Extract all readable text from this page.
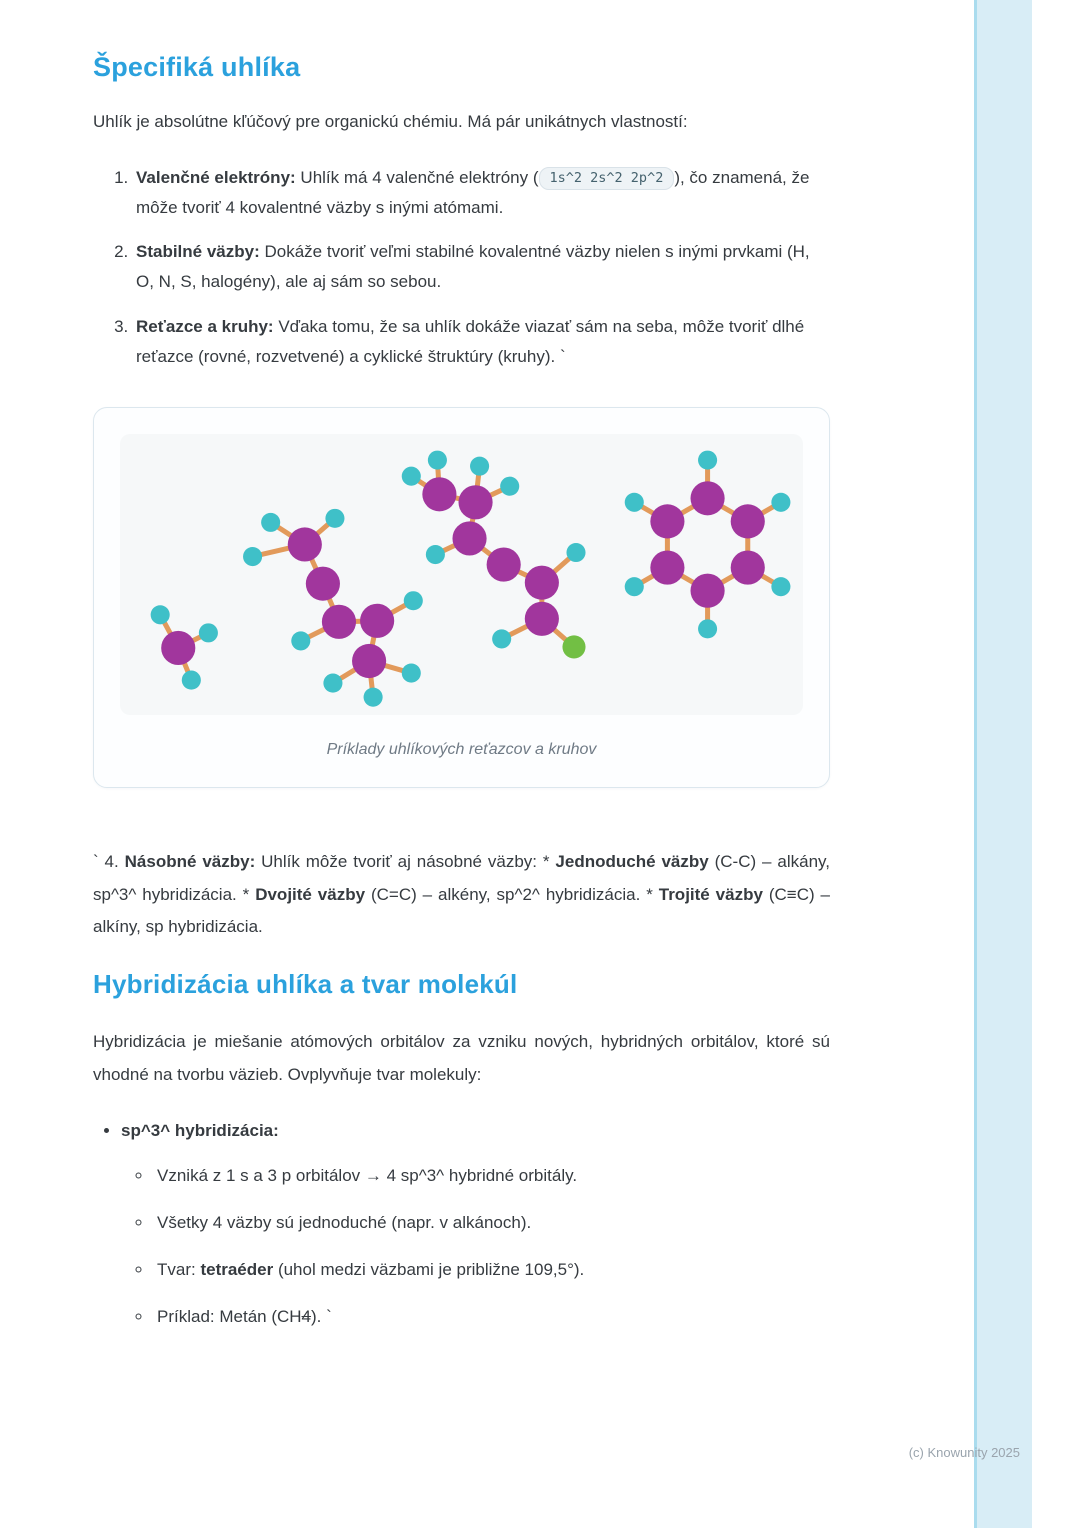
Špecifiká uhlíka

Uhlík je absolútne kľúčový pre organickú chémiu. Má pár unikátnych vlastností:

1. Valenčné elektróny: Uhlík má 4 valenčné elektróny ( 1s^2 2s^2 2p^2 ), čo znamená, že môže tvoriť 4 kovalentné väzby s inými atómami.
2. Stabilné väzby: Dokáže tvoriť veľmi stabilné kovalentné väzby nielen s inými prvkami (H, O, N, S, halogény), ale aj sám so sebou.
3. Reťazce a kruhy: Vďaka tomu, že sa uhlík dokáže viazať sám na seba, môže tvoriť dlhé reťazce (rovné, rozvetvené) a cyklické štruktúry (kruhy). `
Príklady uhlíkových reťazcov a kruhov

` 4. Násobné väzby: Uhlík môže tvoriť aj násobné väzby: * Jednoduché väzby (C-C) – alkány, sp^3^ hybridizácia. * Dvojité väzby (C=C) – alkény, sp^2^ hybridizácia. * Trojité väzby (C≡C) – alkíny, sp hybridizácia.

Hybridizácia uhlíka a tvar molekúl

Hybridizácia je miešanie atómových orbitálov za vzniku nových, hybridných orbitálov, ktoré sú vhodné na tvorbu väzieb. Ovplyvňuje tvar molekuly:

• sp^3^ hybridizácia:
◦ Vzniká z 1 s a 3 p orbitálov → 4 sp^3^ hybridné orbitály.
◦ Všetky 4 väzby sú jednoduché (napr. v alkánoch).
◦ Tvar: tetraéder (uhol medzi väzbami je približne 109,5°).
◦ Príklad: Metán (CH4). `
(c) Knowunity 2025
